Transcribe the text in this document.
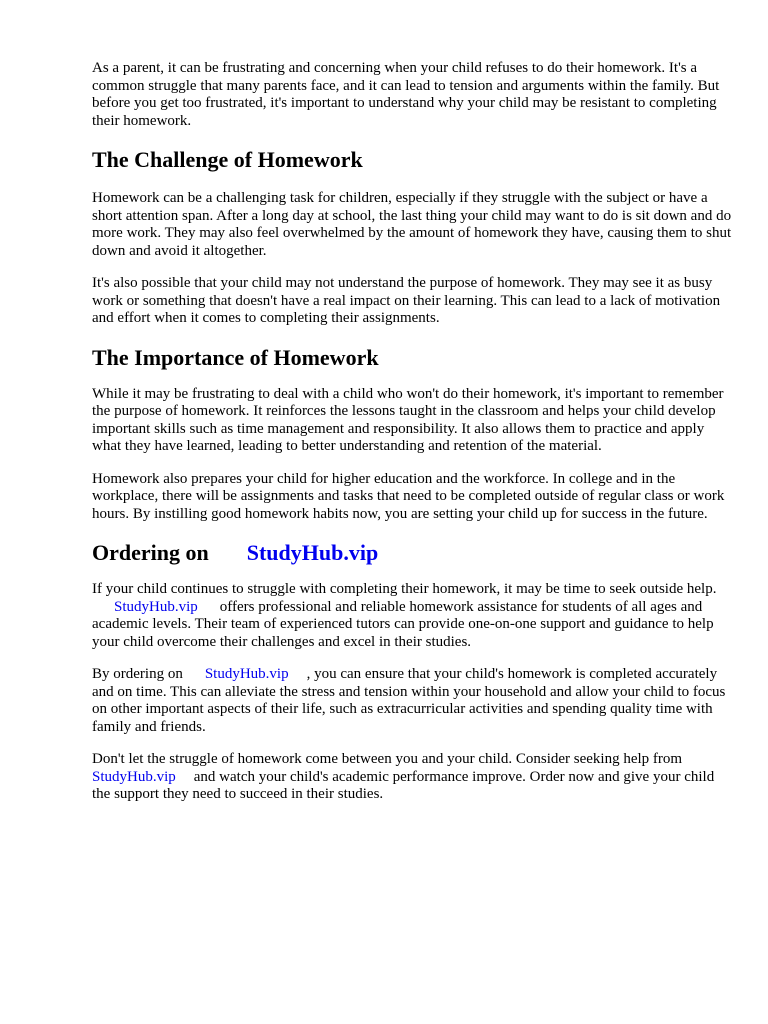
As a parent, it can be frustrating and concerning when your child refuses to do their homework. It's a common struggle that many parents face, and it can lead to tension and arguments within the family. But before you get too frustrated, it's important to understand why your child may be resistant to completing their homework.

The Challenge of Homework

Homework can be a challenging task for children, especially if they struggle with the subject or have a short attention span. After a long day at school, the last thing your child may want to do is sit down and do more work. They may also feel overwhelmed by the amount of homework they have, causing them to shut down and avoid it altogether.

It's also possible that your child may not understand the purpose of homework. They may see it as busy work or something that doesn't have a real impact on their learning. This can lead to a lack of motivation and effort when it comes to completing their assignments.

The Importance of Homework

While it may be frustrating to deal with a child who won't do their homework, it's important to remember the purpose of homework. It reinforces the lessons taught in the classroom and helps your child develop important skills such as time management and responsibility. It also allows them to practice and apply what they have learned, leading to better understanding and retention of the material.

Homework also prepares your child for higher education and the workforce. In college and in the workplace, there will be assignments and tasks that need to be completed outside of regular class or work hours. By instilling good homework habits now, you are setting your child up for success in the future.

Ordering on StudyHub.vip

If your child continues to struggle with completing their homework, it may be time to seek outside help.StudyHub.vip offers professional and reliable homework assistance for students of all ages and academic levels. Their team of experienced tutors can provide one-on-one support and guidance to help your child overcome their challenges and excel in their studies.

By ordering on StudyHub.vip , you can ensure that your child's homework is completed accurately and on time. This can alleviate the stress and tension within your household and allow your child to focus on other important aspects of their life, such as extracurricular activities and spending quality time with family and friends.

Don't let the struggle of homework come between you and your child. Consider seeking help from StudyHub.vip and watch your child's academic performance improve. Order now and give your child the support they need to succeed in their studies.
